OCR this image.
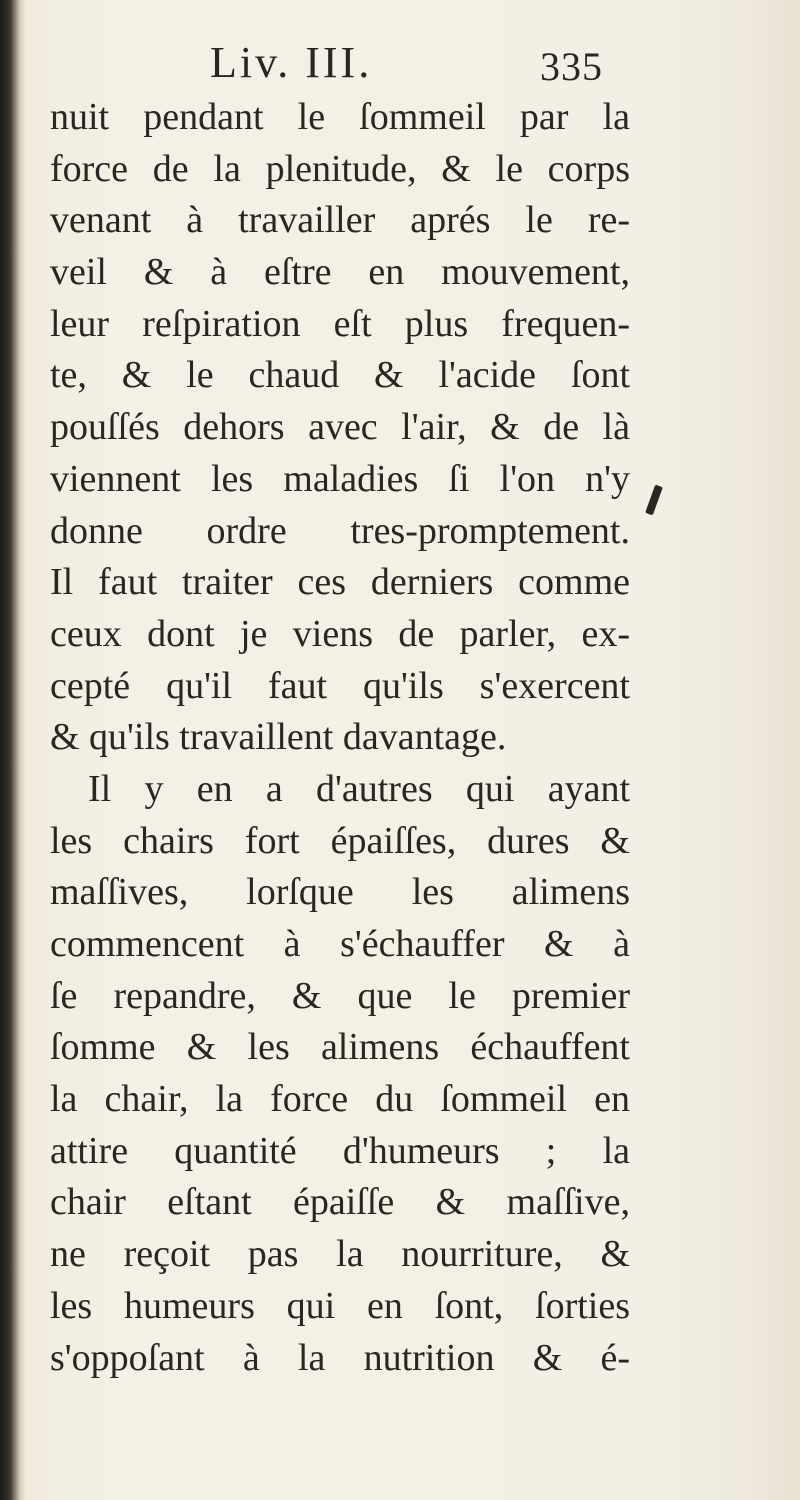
Liv. III.	335
nuit pendant le ſommeil par la
force de la plenitude, & le corps
venant à travailler aprés le re-
veil & à eſtre en mouvement,
leur reſpiration eſt plus frequen-
te, & le chaud & l'acide ſont
pouſſés dehors avec l'air, & de là
viennent les maladies ſi l'on n'y
donne ordre tres-promptement.
Il faut traiter ces derniers comme
ceux dont je viens de parler, ex-
cepté qu'il faut qu'ils s'exercent
& qu'ils travaillent davantage.
Il y en a d'autres qui ayant
les chairs fort épaiſſes, dures &
maſſives, lorſque les alimens
commencent à s'échauffer & à
ſe repandre, & que le premier
ſomme & les alimens échauffent
la chair, la force du ſommeil en
attire quantité d'humeurs ; la
chair eſtant épaiſſe & maſſive,
ne reçoit pas la nourriture, &
les humeurs qui en ſont, ſorties
s'oppoſant à la nutrition & é-
